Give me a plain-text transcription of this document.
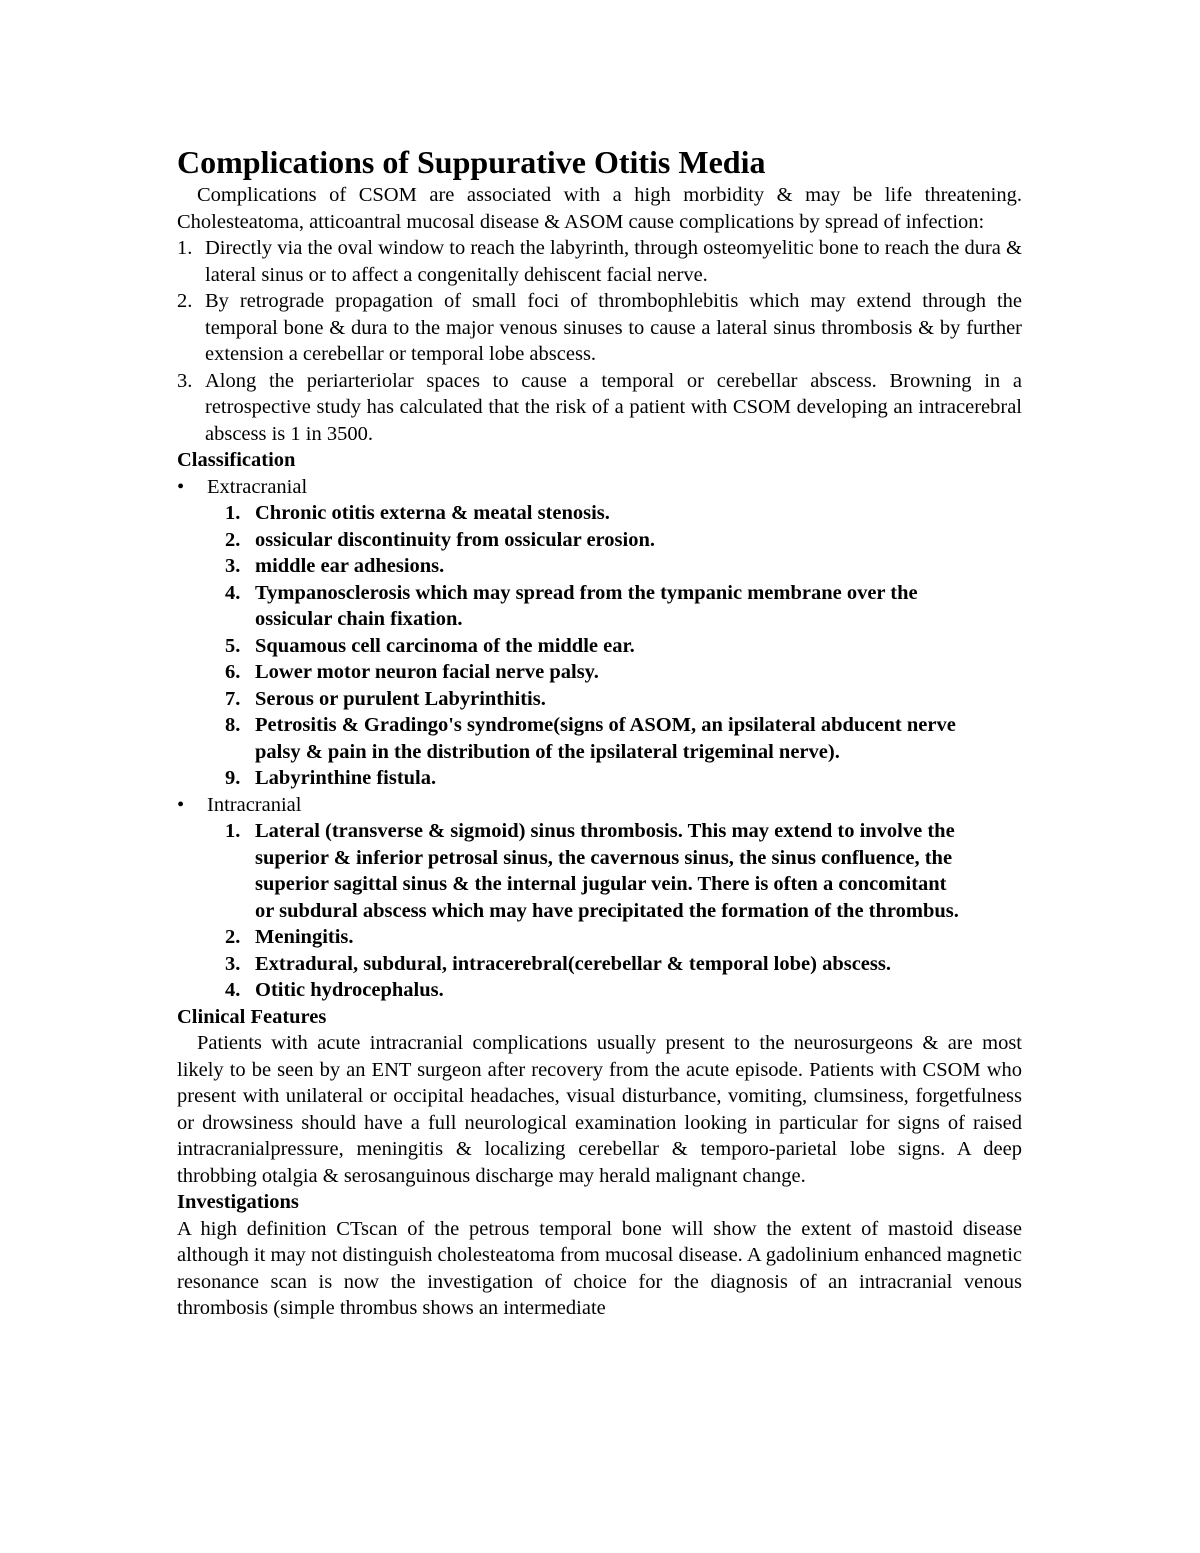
Complications of Suppurative Otitis Media

Complications of CSOM are associated with a high morbidity & may be life threatening. Cholesteatoma, atticoantral mucosal disease & ASOM cause complications by spread of infection:

1. Directly via the oval window to reach the labyrinth, through osteomyelitic bone to reach the dura & lateral sinus or to affect a congenitally dehiscent facial nerve.
2. By retrograde propagation of small foci of thrombophlebitis which may extend through the temporal bone & dura to the major venous sinuses to cause a lateral sinus thrombosis & by further extension a cerebellar or temporal lobe abscess.
3. Along the periarteriolar spaces to cause a temporal or cerebellar abscess. Browning in a retrospective study has calculated that the risk of a patient with CSOM developing an intracerebral abscess is 1 in 3500.

Classification

• Extracranial
1. Chronic otitis externa & meatal stenosis.
2. ossicular discontinuity from ossicular erosion.
3. middle ear adhesions.
4. Tympanosclerosis which may spread from the tympanic membrane over the ossicular chain fixation.
5. Squamous cell carcinoma of the middle ear.
6. Lower motor neuron facial nerve palsy.
7. Serous or purulent Labyrinthitis.
8. Petrositis & Gradingo's syndrome(signs of ASOM, an ipsilateral abducent nerve palsy & pain in the distribution of the ipsilateral trigeminal nerve).
9. Labyrinthine fistula.
• Intracranial
1. Lateral (transverse & sigmoid) sinus thrombosis. This may extend to involve the superior & inferior petrosal sinus, the cavernous sinus, the sinus confluence, the superior sagittal sinus & the internal jugular vein. There is often a concomitant or subdural abscess which may have precipitated the formation of the thrombus.
2. Meningitis.
3. Extradural, subdural, intracerebral(cerebellar & temporal lobe) abscess.
4. Otitic hydrocephalus.

Clinical Features

Patients with acute intracranial complications usually present to the neurosurgeons & are most likely to be seen by an ENT surgeon after recovery from the acute episode. Patients with CSOM who present with unilateral or occipital headaches, visual disturbance, vomiting, clumsiness, forgetfulness or drowsiness should have a full neurological examination looking in particular for signs of raised intracranialpressure, meningitis & localizing cerebellar & temporo-parietal lobe signs. A deep throbbing otalgia & serosanguinous discharge may herald malignant change.

Investigations

A high definition CTscan of the petrous temporal bone will show the extent of mastoid disease although it may not distinguish cholesteatoma from mucosal disease. A gadolinium enhanced magnetic resonance scan is now the investigation of choice for the diagnosis of an intracranial venous thrombosis (simple thrombus shows an intermediate
